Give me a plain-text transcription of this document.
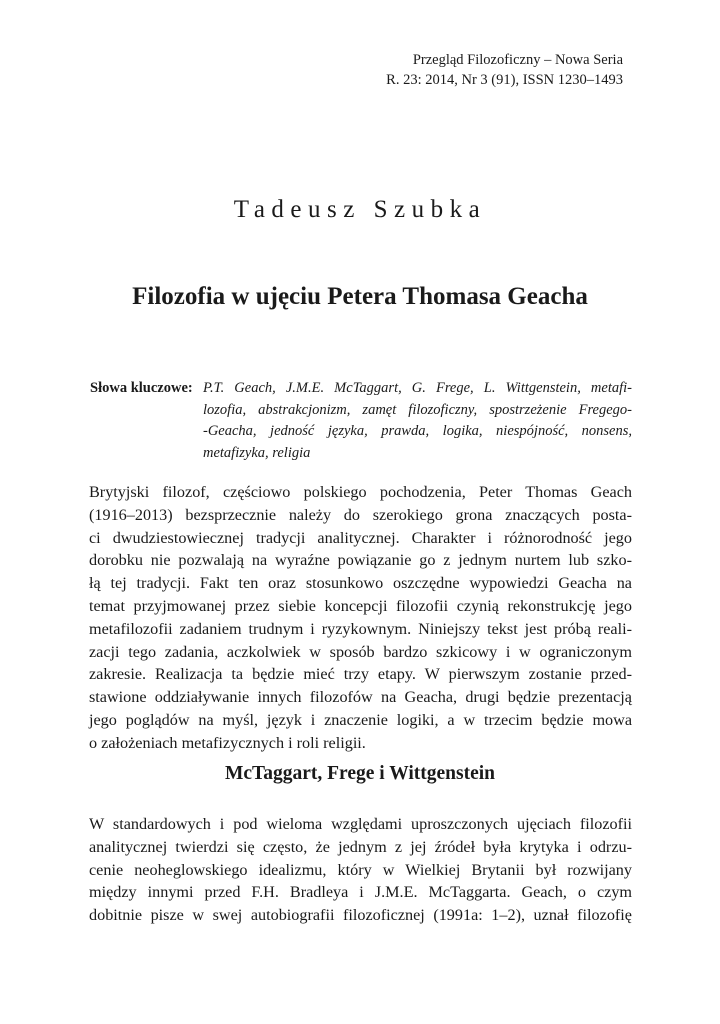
Przegląd Filozoficzny – Nowa Seria
R. 23: 2014, Nr 3 (91), ISSN 1230–1493
Tadeusz Szubka
Filozofia w ujęciu Petera Thomasa Geacha
Słowa kluczowe: P.T. Geach, J.M.E. McTaggart, G. Frege, L. Wittgenstein, metafi-
lozofia, abstrakcjonizm, zamęt filozoficzny, spostrzeżenie Fregego-
-Geacha, jedność języka, prawda, logika, niespójność, nonsens,
metafizyka, religia
Brytyjski filozof, częściowo polskiego pochodzenia, Peter Thomas Geach
(1916–2013) bezsprzecznie należy do szerokiego grona znaczących posta-
ci dwudziestowiecznej tradycji analitycznej. Charakter i różnorodność jego
dorobku nie pozwalają na wyraźne powiązanie go z jednym nurtem lub szko-
łą tej tradycji. Fakt ten oraz stosunkowo oszczędne wypowiedzi Geacha na
temat przyjmowanej przez siebie koncepcji filozofii czynią rekonstrukcję jego
metafilozofii zadaniem trudnym i ryzykownym. Niniejszy tekst jest próbą reali-
zacji tego zadania, aczkolwiek w sposób bardzo szkicowy i w ograniczonym
zakresie. Realizacja ta będzie mieć trzy etapy. W pierwszym zostanie przed-
stawione oddziaływanie innych filozofów na Geacha, drugi będzie prezentacją
jego poglądów na myśl, język i znaczenie logiki, a w trzecim będzie mowa
o założeniach metafizycznych i roli religii.
McTaggart, Frege i Wittgenstein
W standardowych i pod wieloma względami uproszczonych ujęciach filozofii
analitycznej twierdzi się często, że jednym z jej źródeł była krytyka i odrzu-
cenie neoheglowskiego idealizmu, który w Wielkiej Brytanii był rozwijany
między innymi przed F.H. Bradleya i J.M.E. McTaggarta. Geach, o czym
dobitnie pisze w swej autobiografii filozoficznej (1991a: 1–2), uznał filozofię
